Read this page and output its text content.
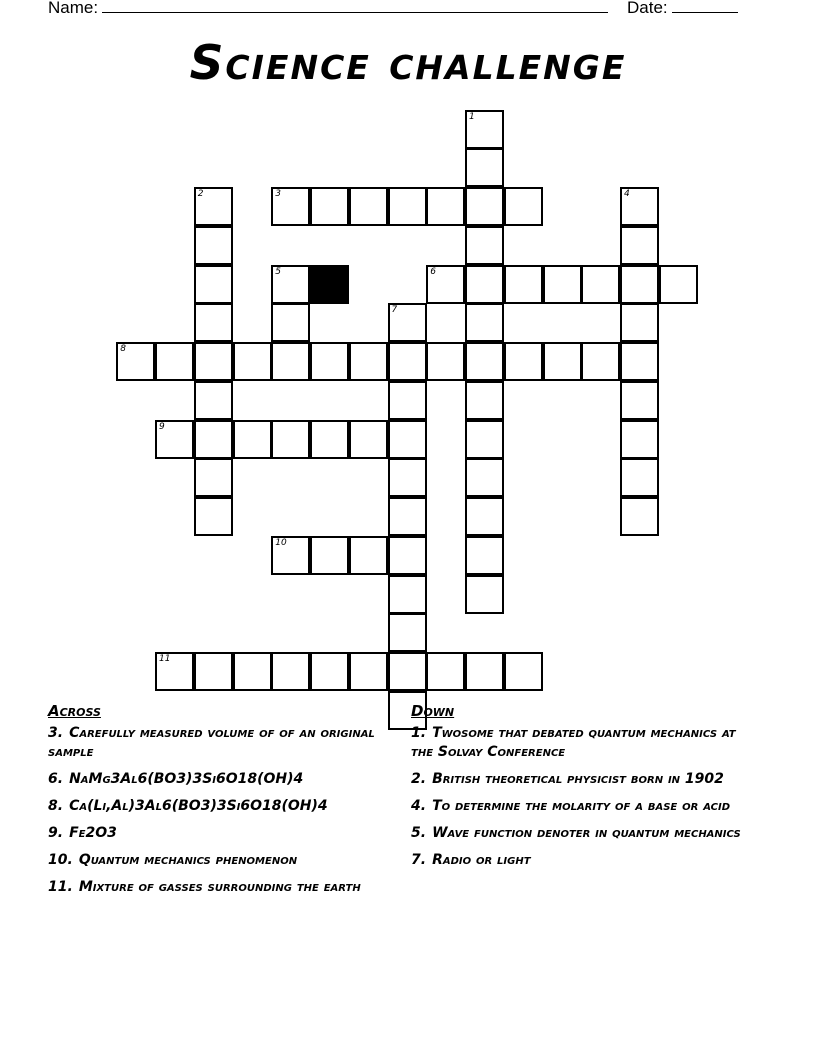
Name:	Date:
Science challenge
3
6
8
9
10
11
1
2	4
5
7
Across
3. Carefully measured volume of of an original sample
6. NaMg3Al6(BO3)3Si6O18(OH)4
8. Ca(Li,Al)3Al6(BO3)3Si6O18(OH)4
9. Fe2O3
10. Quantum mechanics phenomenon
11. Mixture of gasses surrounding the earth
Down
1. Twosome that debated quantum mechanics at the Solvay Conference
2. British theoretical physicist born in 1902
4. To determine the molarity of a base or acid
5. Wave function denoter in quantum mechanics
7. Radio or light
